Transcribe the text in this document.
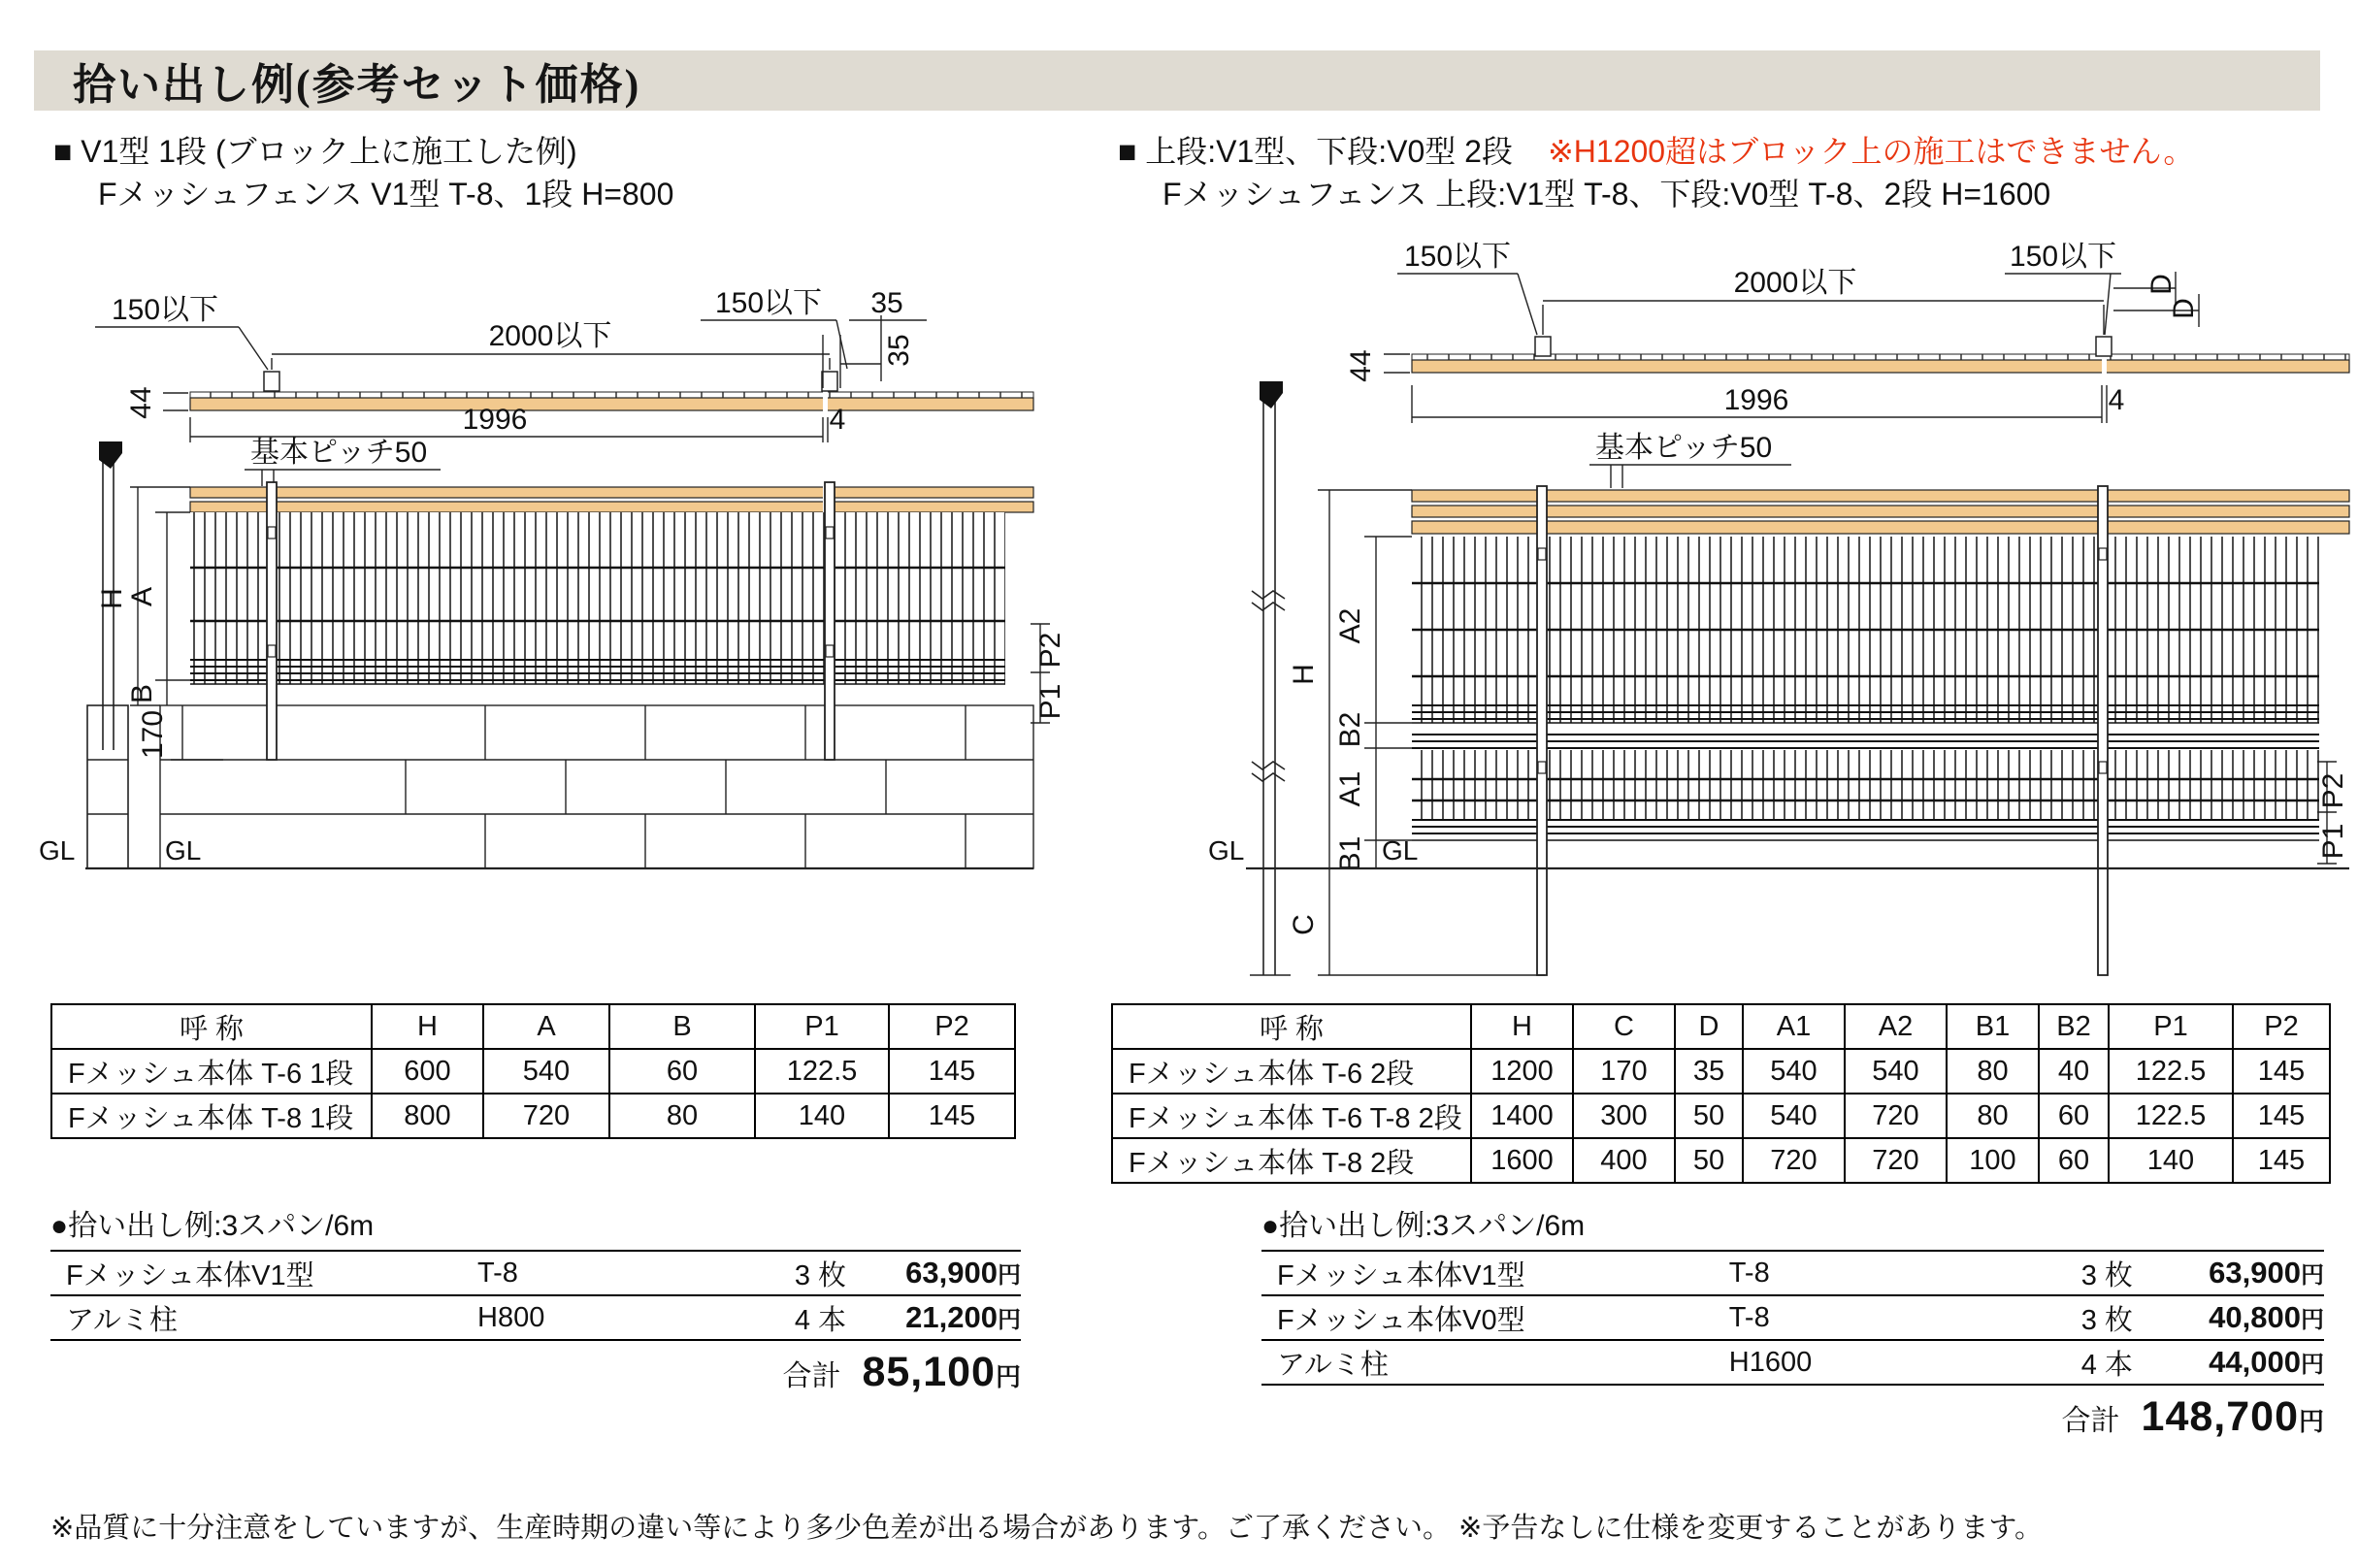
拾い出し例(参考セット価格)
■ V1型 1段 (ブロック上に施工した例)
Fメッシュフェンス V1型 T-8、1段 H=800
■ 上段:V1型、下段:V0型 2段 ※H1200超はブロック上の施工はできません。
Fメッシュフェンス 上段:V1型 T-8、下段:V0型 T-8、2段 H=1600
150以下
2000以下
150以下 35
35
44
1996	4
基本ピッチ50
H
A
B
170
P2
P1
GL	GL
150以下
2000以下
150以下
D
D
44
1996	4
基本ピッチ50
H
A2
B2
A1
B1
C
P2
P1
GL	GL
呼 称	H	A	B	P1	P2
Fメッシュ本体 T-6 1段	600	540	60	122.5	145
Fメッシュ本体 T-8 1段	800	720	80	140	145
呼 称	H	C	D	A1	A2	B1	B2	P1	P2
Fメッシュ本体 T-6 2段	1200	170	35	540	540	80	40	122.5	145
Fメッシュ本体 T-6 T-8 2段	1400	300	50	540	720	80	60	122.5	145
Fメッシュ本体 T-8 2段	1600	400	50	720	720	100	60	140	145
●拾い出し例:3スパン/6m
Fメッシュ本体V1型	T-8	3 枚	63,900円
アルミ柱	H800	4 本	21,200円
合計 85,100 円
●拾い出し例:3スパン/6m
Fメッシュ本体V1型	T-8	3 枚	63,900円
Fメッシュ本体V0型	T-8	3 枚	40,800円
アルミ柱	H1600	4 本	44,000円
合計 148,700 円
※品質に十分注意をしていますが、生産時期の違い等により多少色差が出る場合があります。ご了承ください。 ※予告なしに仕様を変更することがあります。
